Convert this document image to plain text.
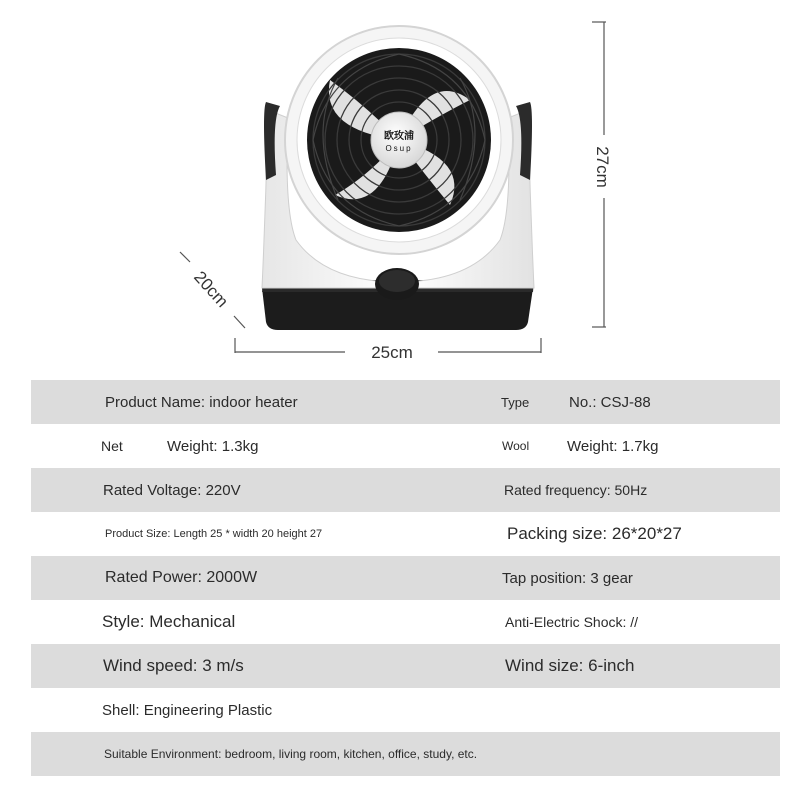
27cm
20cm
25cm
欧玫浦
Osup
Product Name: indoor heater	Type	No.: CSJ-88
Net	Weight: 1.3kg	Wool	Weight: 1.7kg
Rated Voltage: 220V	Rated frequency: 50Hz
Product Size: Length 25 * width 20 height 27	Packing size: 26*20*27
Rated Power: 2000W	Tap position: 3 gear
Style: Mechanical	Anti-Electric Shock: //
Wind speed: 3 m/s	Wind size: 6-inch
Shell: Engineering Plastic
Suitable Environment: bedroom, living room, kitchen, office, study, etc.
